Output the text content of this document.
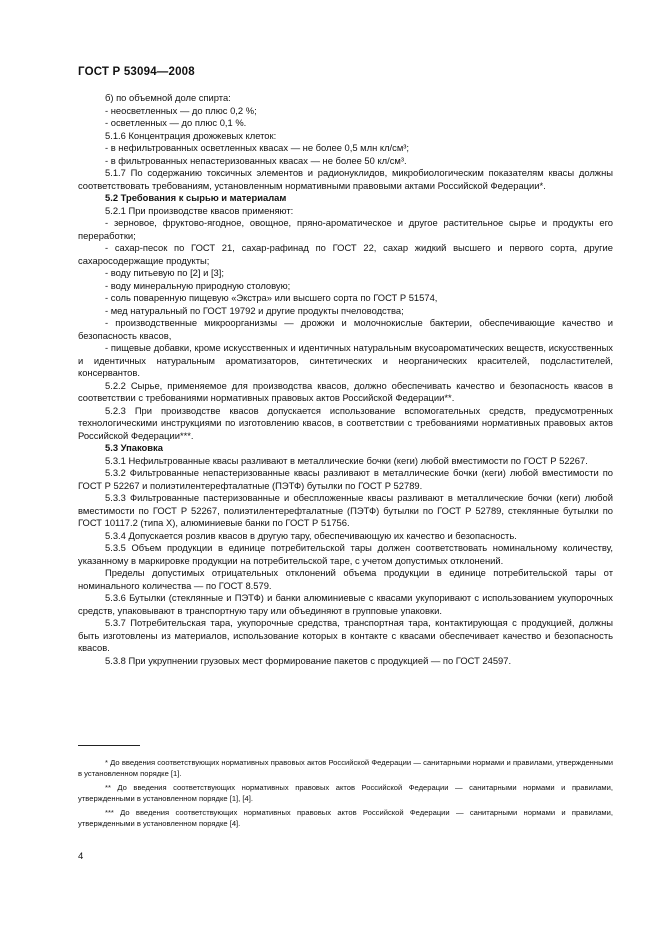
ГОСТ Р 53094—2008

б) по объемной доле спирта:

- неосветленных — до плюс 0,2 %;

- осветленных — до плюс 0,1 %.

5.1.6 Концентрация дрожжевых клеток:

- в нефильтрованных осветленных квасах — не более 0,5 млн кл/см³;

- в фильтрованных непастеризованных квасах — не более 50 кл/см³.

5.1.7 По содержанию токсичных элементов и радионуклидов, микробиологическим показателям квасы должны соответствовать требованиям, установленным нормативными правовыми актами Российской Федерации*.

5.2 Требования к сырью и материалам

5.2.1 При производстве квасов применяют:

- зерновое, фруктово-ягодное, овощное, пряно-ароматическое и другое растительное сырье и продукты его переработки;

- сахар-песок по ГОСТ 21, сахар-рафинад по ГОСТ 22, сахар жидкий высшего и первого сорта, другие сахаросодержащие продукты;

- воду питьевую по [2] и [3];

- воду минеральную природную столовую;

- соль поваренную пищевую «Экстра» или высшего сорта по ГОСТ Р 51574,

- мед натуральный по ГОСТ 19792 и другие продукты пчеловодства;

- производственные микроорганизмы — дрожжи и молочнокислые бактерии, обеспечивающие качество и безопасность квасов,

- пищевые добавки, кроме искусственных и идентичных натуральным вкусоароматических веществ, искусственных и идентичных натуральным ароматизаторов, синтетических и неорганических красителей, подсластителей, консервантов.

5.2.2 Сырье, применяемое для производства квасов, должно обеспечивать качество и безопасность квасов в соответствии с требованиями нормативных правовых актов Российской Федерации**.

5.2.3 При производстве квасов допускается использование вспомогательных средств, предусмотренных технологическими инструкциями по изготовлению квасов, в соответствии с требованиями нормативных правовых актов Российской Федерации***.

5.3 Упаковка

5.3.1 Нефильтрованные квасы разливают в металлические бочки (кеги) любой вместимости по ГОСТ Р 52267.

5.3.2 Фильтрованные непастеризованные квасы разливают в металлические бочки (кеги) любой вместимости по ГОСТ Р 52267 и полиэтилентерефталатные (ПЭТФ) бутылки по ГОСТ Р 52789.

5.3.3 Фильтрованные пастеризованные и обеспложенные квасы разливают в металлические бочки (кеги) любой вместимости по ГОСТ Р 52267, полиэтилентерефталатные (ПЭТФ) бутылки по ГОСТ Р 52789, стеклянные бутылки по ГОСТ 10117.2 (типа X), алюминиевые банки по ГОСТ Р 51756.

5.3.4 Допускается розлив квасов в другую тару, обеспечивающую их качество и безопасность.

5.3.5 Объем продукции в единице потребительской тары должен соответствовать номинальному количеству, указанному в маркировке продукции на потребительской таре, с учетом допустимых отклонений.

Пределы допустимых отрицательных отклонений объема продукции в единице потребительской тары от номинального количества — по ГОСТ 8.579.

5.3.6 Бутылки (стеклянные и ПЭТФ) и банки алюминиевые с квасами укупоривают с использованием укупорочных средств, упаковывают в транспортную тару или объединяют в групповые упаковки.

5.3.7 Потребительская тара, укупорочные средства, транспортная тара, контактирующая с продукцией, должны быть изготовлены из материалов, использование которых в контакте с квасами обеспечивает качество и безопасность квасов.

5.3.8 При укрупнении грузовых мест формирование пакетов с продукцией — по ГОСТ 24597.

* До введения соответствующих нормативных правовых актов Российской Федерации — санитарными нормами и правилами, утвержденными в установленном порядке [1].

** До введения соответствующих нормативных правовых актов Российской Федерации — санитарными нормами и правилами, утвержденными в установленном порядке [1], [4].

*** До введения соответствующих нормативных правовых актов Российской Федерации — санитарными нормами и правилами, утвержденными в установленном порядке [4].

4
